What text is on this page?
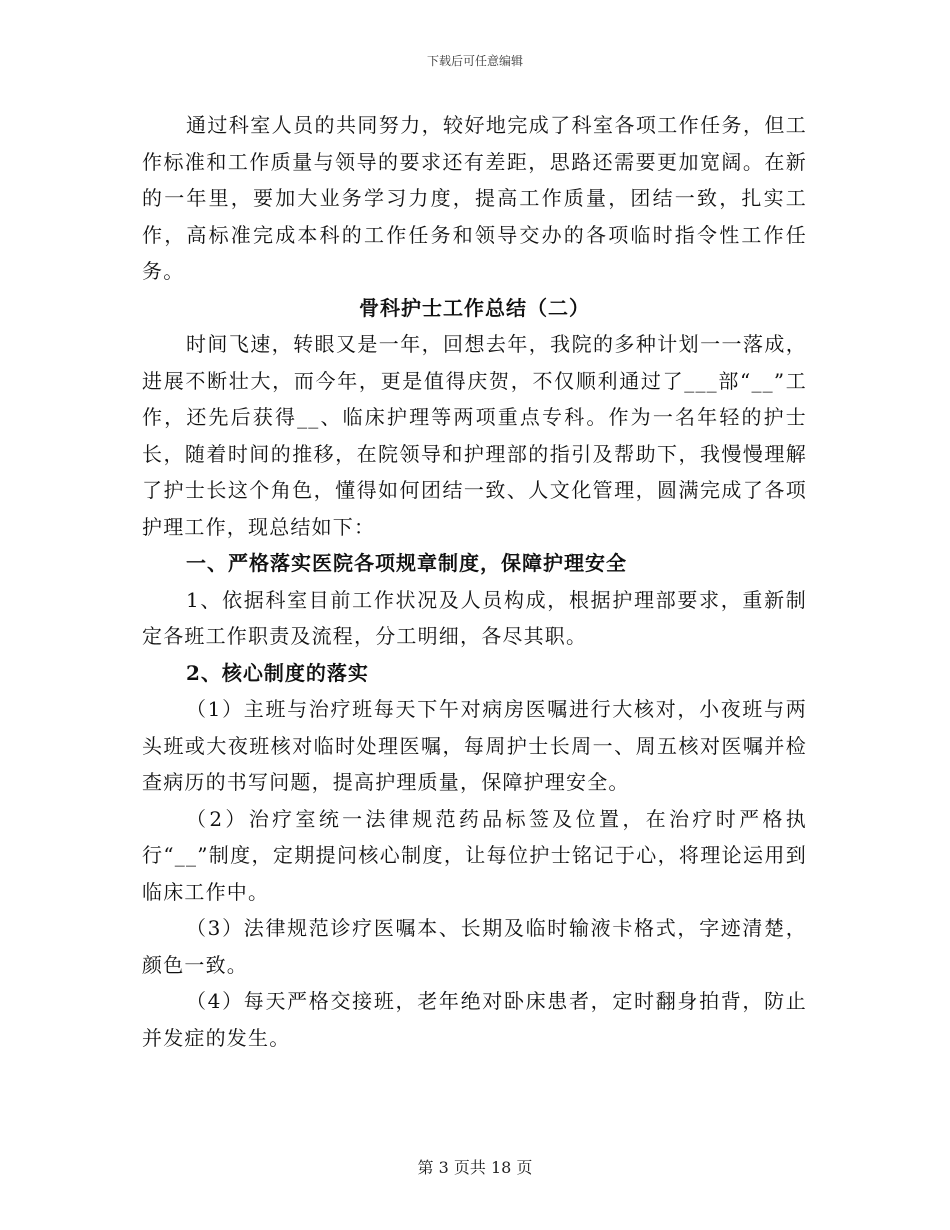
下载后可任意编辑

通过科室人员的共同努力，较好地完成了科室各项工作任务，但工作标准和工作质量与领导的要求还有差距，思路还需要更加宽阔。在新的一年里，要加大业务学习力度，提高工作质量，团结一致，扎实工作，高标准完成本科的工作任务和领导交办的各项临时指令性工作任务。

骨科护士工作总结（二）

时间飞速，转眼又是一年，回想去年，我院的多种计划一一落成，进展不断壮大，而今年，更是值得庆贺，不仅顺利通过了___部“__”工作，还先后获得__、临床护理等两项重点专科。作为一名年轻的护士长，随着时间的推移，在院领导和护理部的指引及帮助下，我慢慢理解了护士长这个角色，懂得如何团结一致、人文化管理，圆满完成了各项护理工作，现总结如下：

一、严格落实医院各项规章制度，保障护理安全

1、依据科室目前工作状况及人员构成，根据护理部要求，重新制定各班工作职责及流程，分工明细，各尽其职。

2、核心制度的落实

（1）主班与治疗班每天下午对病房医嘱进行大核对，小夜班与两头班或大夜班核对临时处理医嘱，每周护士长周一、周五核对医嘱并检查病历的书写问题，提高护理质量，保障护理安全。

（2）治疗室统一法律规范药品标签及位置，在治疗时严格执行“__”制度，定期提问核心制度，让每位护士铭记于心，将理论运用到临床工作中。

（3）法律规范诊疗医嘱本、长期及临时输液卡格式，字迹清楚，颜色一致。

（4）每天严格交接班，老年绝对卧床患者，定时翻身拍背，防止并发症的发生。

第 3 页共 18 页
